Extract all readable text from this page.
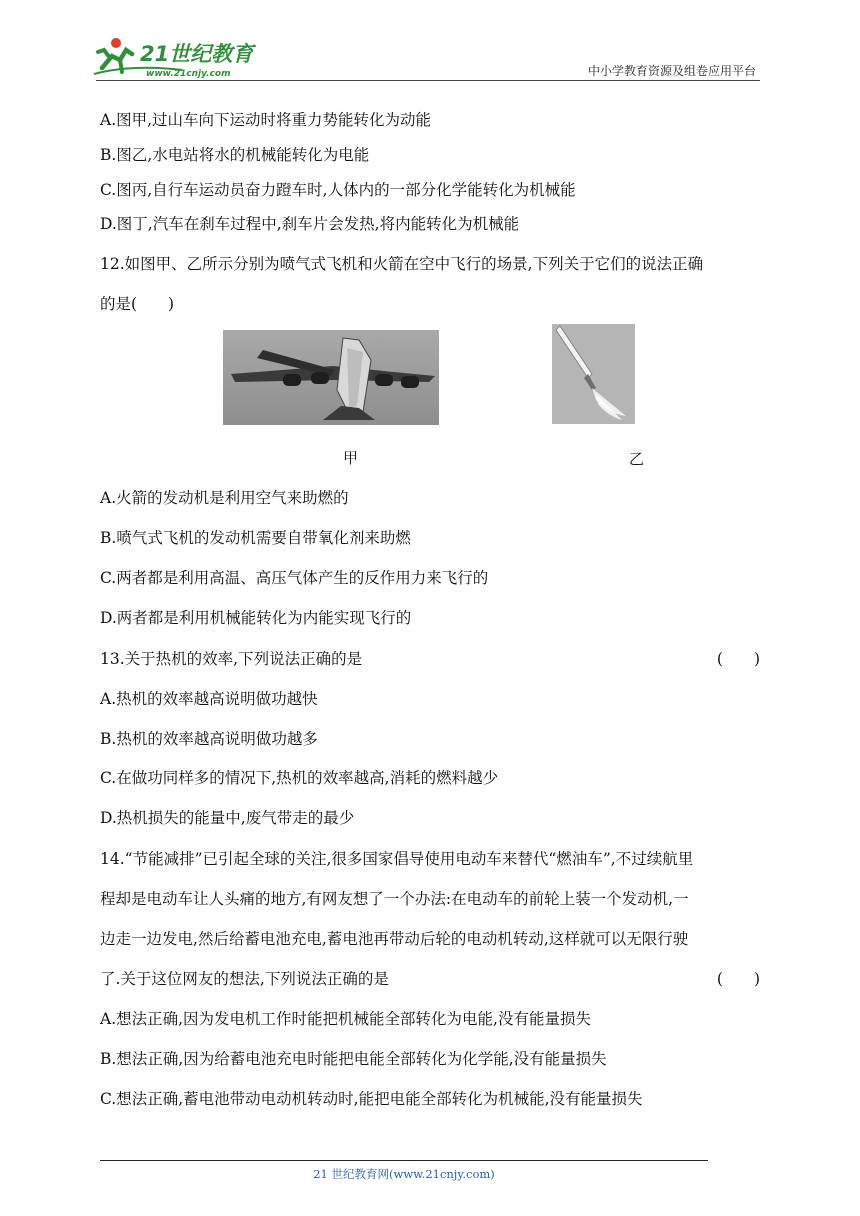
21世纪教育
www.21cnjy.com	中小学教育资源及组卷应用平台
A.图甲,过山车向下运动时将重力势能转化为动能
B.图乙,水电站将水的机械能转化为电能
C.图丙,自行车运动员奋力蹬车时,人体内的一部分化学能转化为机械能
D.图丁,汽车在刹车过程中,刹车片会发热,将内能转化为机械能
12.如图甲、乙所示分别为喷气式飞机和火箭在空中飞行的场景,下列关于它们的说法正确
的是(　　)
甲	乙
A.火箭的发动机是利用空气来助燃的
B.喷气式飞机的发动机需要自带氧化剂来助燃
C.两者都是利用高温、高压气体产生的反作用力来飞行的
D.两者都是利用机械能转化为内能实现飞行的
13.关于热机的效率,下列说法正确的是	(　　)
A.热机的效率越高说明做功越快
B.热机的效率越高说明做功越多
C.在做功同样多的情况下,热机的效率越高,消耗的燃料越少
D.热机损失的能量中,废气带走的最少
14.“节能减排”已引起全球的关注,很多国家倡导使用电动车来替代“燃油车”,不过续航里
程却是电动车让人头痛的地方,有网友想了一个办法:在电动车的前轮上装一个发动机,一
边走一边发电,然后给蓄电池充电,蓄电池再带动后轮的电动机转动,这样就可以无限行驶
了.关于这位网友的想法,下列说法正确的是	(　　)
A.想法正确,因为发电机工作时能把机械能全部转化为电能,没有能量损失
B.想法正确,因为给蓄电池充电时能把电能全部转化为化学能,没有能量损失
C.想法正确,蓄电池带动电动机转动时,能把电能全部转化为机械能,没有能量损失
21 世纪教育网(www.21cnjy.com)
